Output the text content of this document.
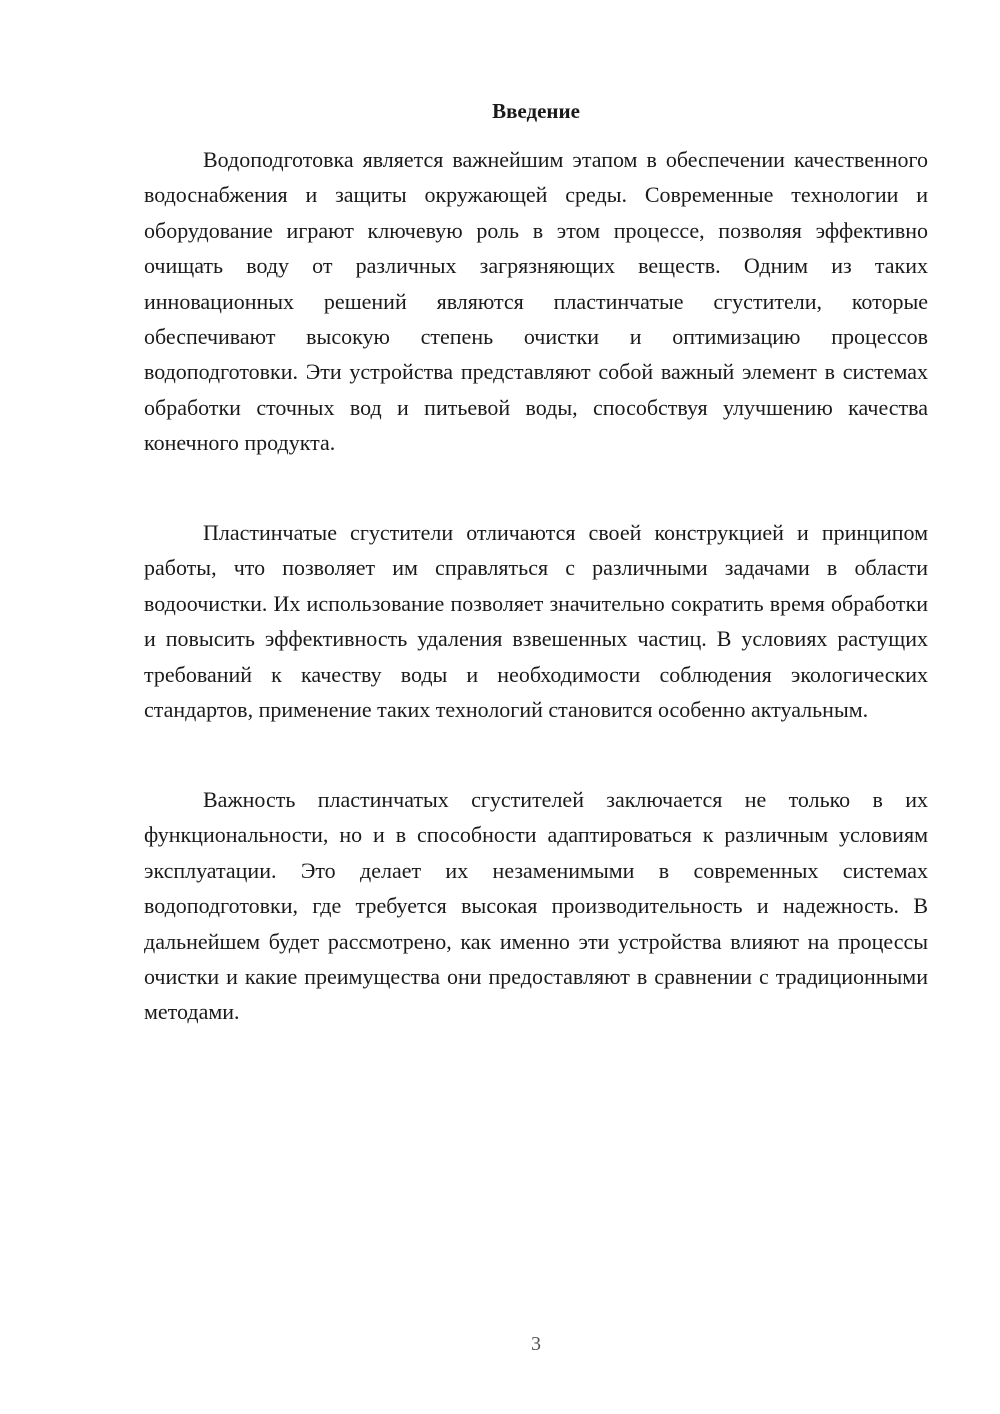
Введение

Водоподготовка является важнейшим этапом в обеспечении качественного водоснабжения и защиты окружающей среды. Современные технологии и оборудование играют ключевую роль в этом процессе, позволяя эффективно очищать воду от различных загрязняющих веществ. Одним из таких инновационных решений являются пластинчатые сгустители, которые обеспечивают высокую степень очистки и оптимизацию процессов водоподготовки. Эти устройства представляют собой важный элемент в системах обработки сточных вод и питьевой воды, способствуя улучшению качества конечного продукта.

Пластинчатые сгустители отличаются своей конструкцией и принципом работы, что позволяет им справляться с различными задачами в области водоочистки. Их использование позволяет значительно сократить время обработки и повысить эффективность удаления взвешенных частиц. В условиях растущих требований к качеству воды и необходимости соблюдения экологических стандартов, применение таких технологий становится особенно актуальным.

Важность пластинчатых сгустителей заключается не только в их функциональности, но и в способности адаптироваться к различным условиям эксплуатации. Это делает их незаменимыми в современных системах водоподготовки, где требуется высокая производительность и надежность. В дальнейшем будет рассмотрено, как именно эти устройства влияют на процессы очистки и какие преимущества они предоставляют в сравнении с традиционными методами.

3
